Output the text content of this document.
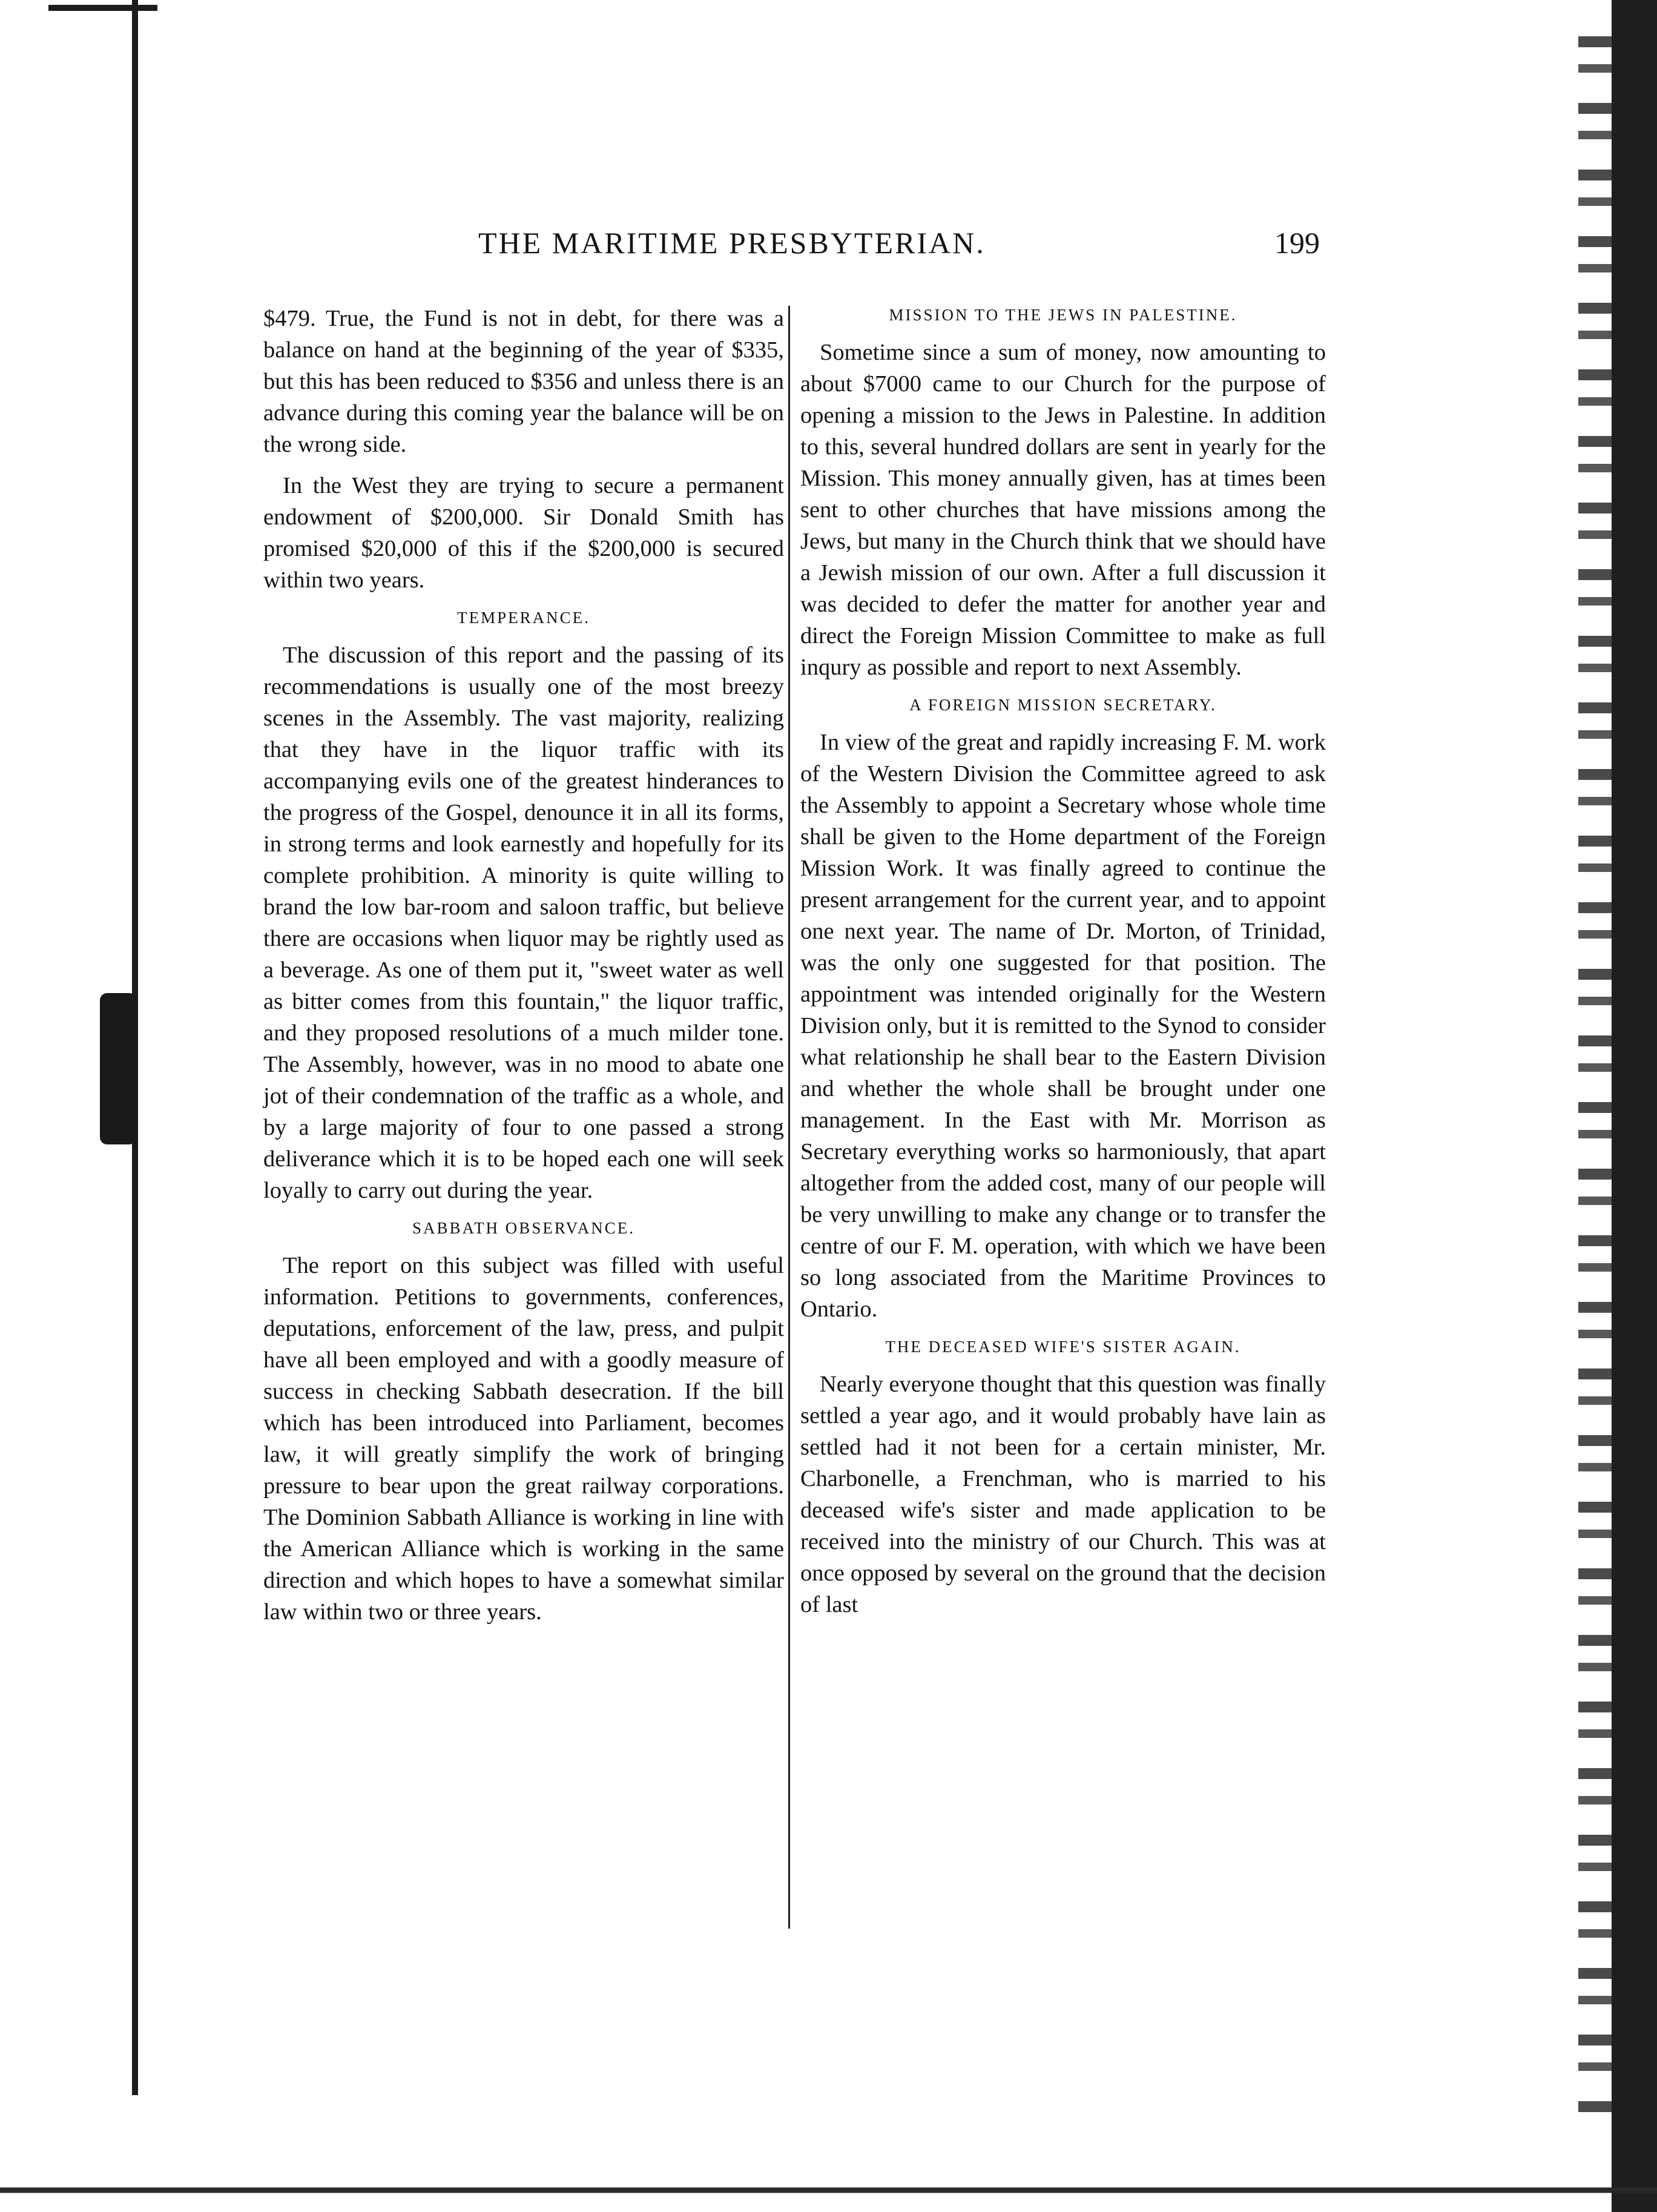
THE MARITIME PRESBYTERIAN.	199

$479. True, the Fund is not in debt, for there was a balance on hand at the beginning of the year of $335, but this has been reduced to $356 and unless there is an advance during this coming year the balance will be on the wrong side.

In the West they are trying to secure a permanent endowment of $200,000. Sir Donald Smith has promised $20,000 of this if the $200,000 is secured within two years.

TEMPERANCE.

The discussion of this report and the passing of its recommendations is usually one of the most breezy scenes in the Assembly. The vast majority, realizing that they have in the liquor traffic with its accompanying evils one of the greatest hinderances to the progress of the Gospel, denounce it in all its forms, in strong terms and look earnestly and hopefully for its complete prohibition. A minority is quite willing to brand the low bar-room and saloon traffic, but believe there are occasions when liquor may be rightly used as a beverage. As one of them put it, "sweet water as well as bitter comes from this fountain," the liquor traffic, and they proposed resolutions of a much milder tone. The Assembly, however, was in no mood to abate one jot of their condemnation of the traffic as a whole, and by a large majority of four to one passed a strong deliverance which it is to be hoped each one will seek loyally to carry out during the year.

SABBATH OBSERVANCE.

The report on this subject was filled with useful information. Petitions to governments, conferences, deputations, enforcement of the law, press, and pulpit have all been employed and with a goodly measure of success in checking Sabbath desecration. If the bill which has been introduced into Parliament, becomes law, it will greatly simplify the work of bringing pressure to bear upon the great railway corporations. The Dominion Sabbath Alliance is working in line with the American Alliance which is working in the same direction and which hopes to have a somewhat similar law within two or three years.

MISSION TO THE JEWS IN PALESTINE.

Sometime since a sum of money, now amounting to about $7000 came to our Church for the purpose of opening a mission to the Jews in Palestine. In addition to this, several hundred dollars are sent in yearly for the Mission. This money annually given, has at times been sent to other churches that have missions among the Jews, but many in the Church think that we should have a Jewish mission of our own. After a full discussion it was decided to defer the matter for another year and direct the Foreign Mission Committee to make as full inqury as possible and report to next Assembly.

A FOREIGN MISSION SECRETARY.

In view of the great and rapidly increasing F. M. work of the Western Division the Committee agreed to ask the Assembly to appoint a Secretary whose whole time shall be given to the Home department of the Foreign Mission Work. It was finally agreed to continue the present arrangement for the current year, and to appoint one next year. The name of Dr. Morton, of Trinidad, was the only one suggested for that position. The appointment was intended originally for the Western Division only, but it is remitted to the Synod to consider what relationship he shall bear to the Eastern Division and whether the whole shall be brought under one management. In the East with Mr. Morrison as Secretary everything works so harmoniously, that apart altogether from the added cost, many of our people will be very unwilling to make any change or to transfer the centre of our F. M. operation, with which we have been so long associated from the Maritime Provinces to Ontario.

THE DECEASED WIFE'S SISTER AGAIN.

Nearly everyone thought that this question was finally settled a year ago, and it would probably have lain as settled had it not been for a certain minister, Mr. Charbonelle, a Frenchman, who is married to his deceased wife's sister and made application to be received into the ministry of our Church. This was at once opposed by several on the ground that the decision of last
